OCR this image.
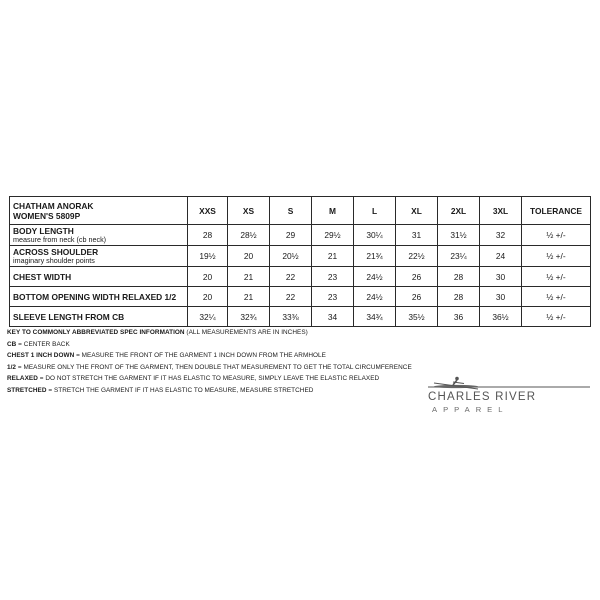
CHATHAM ANORAK
WOMEN'S 5809P	XXS	XS	S	M	L	XL	2XL	3XL	TOLERANCE
BODY LENGTH
measure from neck (cb neck)	28	28½	29	29½	30¼	31	31½	32	½ +/-
ACROSS SHOULDER
imaginary shoulder points	19½	20	20½	21	21¾	22½	23¼	24	½ +/-
CHEST WIDTH	20	21	22	23	24½	26	28	30	½ +/-
BOTTOM OPENING WIDTH RELAXED 1/2	20	21	22	23	24½	26	28	30	½ +/-
SLEEVE LENGTH FROM CB	32¼	32¾	33⅜	34	34¾	35½	36	36½	½ +/-
KEY TO COMMONLY ABBREVIATED SPEC INFORMATION (ALL MEASUREMENTS ARE IN INCHES)
CB = CENTER BACK
CHEST 1 INCH DOWN = MEASURE THE FRONT OF THE GARMENT 1 INCH DOWN FROM THE ARMHOLE
1/2 = MEASURE ONLY THE FRONT OF THE GARMENT, THEN DOUBLE THAT MEASUREMENT TO GET THE TOTAL CIRCUMFERENCE
RELAXED = DO NOT STRETCH THE GARMENT IF IT HAS ELASTIC TO MEASURE, SIMPLY LEAVE THE ELASTIC RELAXED
STRETCHED = STRETCH THE GARMENT IF IT HAS ELASTIC TO MEASURE, MEASURE STRETCHED
CHARLES RIVER
APPAREL
